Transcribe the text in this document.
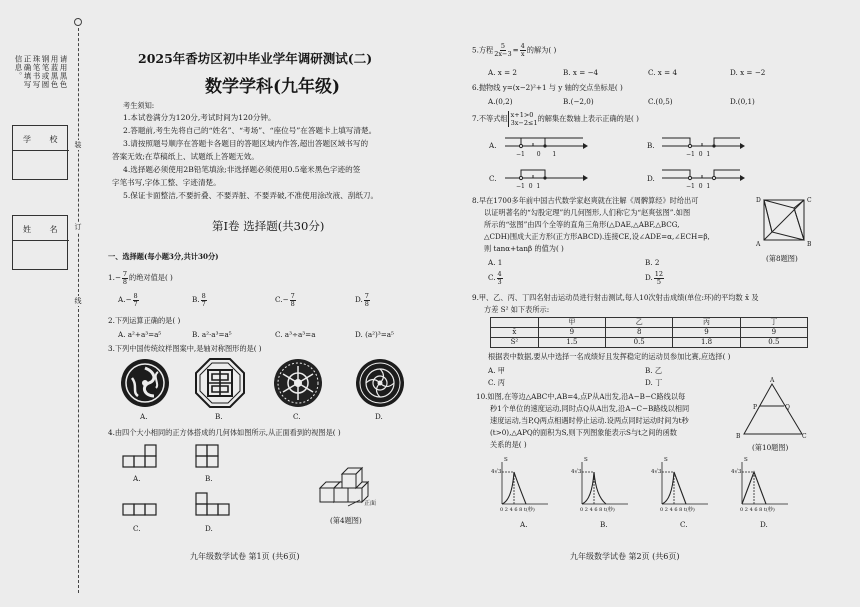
请用黑色
用蓝黑色
钢笔或圆
珠笔书写
正确填写
信息。
学 校
姓 名
装
订
线
2025年香坊区初中毕业学年调研测试(二)
数学学科(九年级)
考生须知:
1.本试卷满分为120分,考试时间为120分钟。
2.答题前,考生先将自己的“姓名”、“考场”、“座位号”在答题卡上填写清楚。
3.请按照题号顺序在答题卡各题目的答题区域内作答,超出答题区域书写的
答案无效;在草稿纸上、试题纸上答题无效。
4.选择题必须使用2B铅笔填涂;非选择题必须使用0.5毫米黑色字迹的签
字笔书写,字体工整、字迹清楚。
5.保证卡面整洁,不要折叠、不要弄脏、不要弄破,不准使用涂改液、刮纸刀。
第Ⅰ卷 选择题(共30分)
一、选择题(每小题3分,共计30分)
$1.- \frac{7}{8}$ 的绝对值是( )
$A.- \frac{8}{7}$	B. $\frac{8}{7}$	$C.- \frac{7}{8}$	D. $\frac{7}{8}$
2.下列运算正确的是( )
A. a²+a³=a⁵	B. a²·a³=a⁵	C. a³÷a³=a	D. (a²)³=a⁵
3.下列中国传统纹样图案中,是轴对称图形的是( )
A.	B.	C.	D.
4.由四个大小相同的正方体搭成的几何体如图所示,从正面看到的视图是( )
A.	B.
C.	D.
正面
(第4题图)
九年级数学试卷 第1页 (共6页)
5.方程 $\frac{5}{2x-3} = \frac{4}{x}$ 的解为( )
A. x = 2	B. x = −4	C. x = 4	D. x = −2
6.抛物线 y=(x−2)²+1 与 y 轴的交点坐标是( )
A.(0,2)	B.(−2,0)	C.(0,5)	D.(0,1)
7.不等式组 x+1>0
3x−2≤1 的解集在数轴上表示正确的是( )
A.	B.
C.	D.
−1 0 1	−1 0 1
−1 0 1	−1 0 1
8.早在1700多年前中国古代数学家赵爽就在注解《周髀算经》时给出可
以证明著名的“勾股定理”的几何图形,人们称它为“赵爽弦图”.如图
所示的“弦图”由四个全等的直角三角形(△DAE,△ABF,△BCG,
△CDH)围成大正方形(正方形ABCD).连接CE,设∠ADE=α,∠ECH=β,
则 tanα+tanβ 的值为( )
A. 1	B. 2
C. $\frac{4}{3}$	D. $\frac{12}{5}$
D	C
A	B
(第8题图)
9.甲、乙、丙、丁四名射击运动员进行射击测试,每人10次射击成绩(单位:环)的平均数 x̄ 及
方差 S² 如下表所示:
	甲	乙	丙	丁
x̄	9	8	9	9
S²	1.5	0.5	1.8	0.5
根据表中数据,要从中选择一名成绩好且发挥稳定的运动员参加比赛,应选择( )
A. 甲	B. 乙
C. 丙	D. 丁
10.如图,在等边△ABC中,AB=4,点P从A出发,沿A−B−C路线以每
秒1个单位的速度运动,同时点Q从A出发,沿A−C−B路线以相同
速度运动,当P,Q两点相遇时停止运动.设两点同时运动时间为t秒
(t>0),△APQ的面积为S,则下列图象能表示S与t之间的函数
关系的是( )
A
P	Q
B	C
(第10题图)
4√3	4√3	4√3	4√3
S	S	S	S
0 2 4 6 8 t(秒)	0 2 4 6 8 t(秒)	0 2 4 6 8 t(秒)	0 2 4 6 8 t(秒)
A.	B.	C.	D.
九年级数学试卷 第2页 (共6页)
